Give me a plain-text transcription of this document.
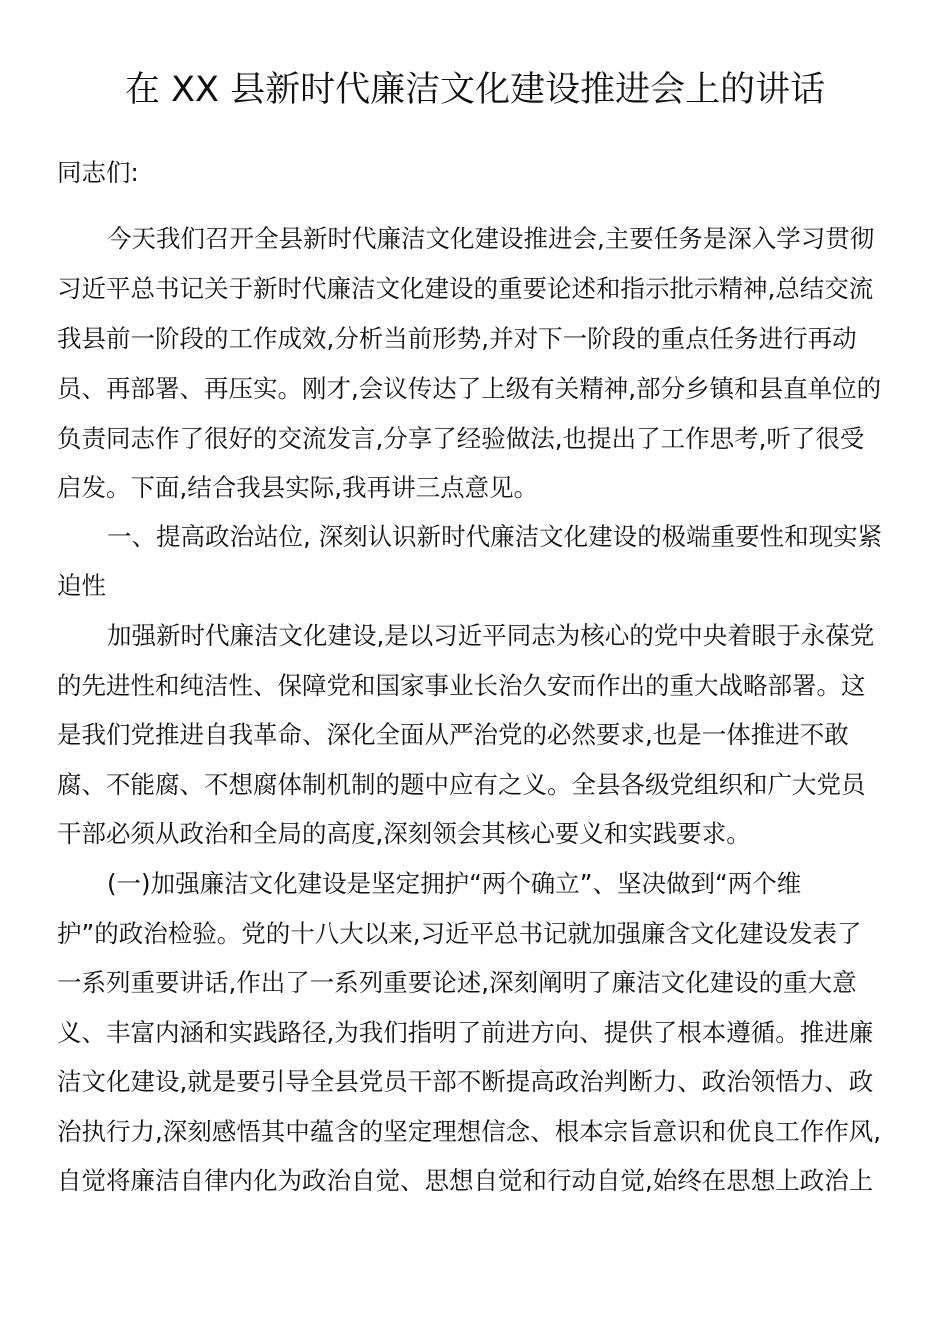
在 XX 县新时代廉洁文化建设推进会上的讲话
同志们:
今天我们召开全县新时代廉洁文化建设推进会,主要任务是深入学习贯彻
习近平总书记关于新时代廉洁文化建设的重要论述和指示批示精神,总结交流
我县前一阶段的工作成效,分析当前形势,并对下一阶段的重点任务进行再动
员、再部署、再压实。刚才,会议传达了上级有关精神,部分乡镇和县直单位的
负责同志作了很好的交流发言,分享了经验做法,也提出了工作思考,听了很受
启发。下面,结合我县实际,我再讲三点意见。
一、提高政治站位, 深刻认识新时代廉洁文化建设的极端重要性和现实紧
迫性
加强新时代廉洁文化建设,是以习近平同志为核心的党中央着眼于永葆党
的先进性和纯洁性、保障党和国家事业长治久安而作出的重大战略部署。这
是我们党推进自我革命、深化全面从严治党的必然要求,也是一体推进不敢
腐、不能腐、不想腐体制机制的题中应有之义。全县各级党组织和广大党员
干部必须从政治和全局的高度,深刻领会其核心要义和实践要求。
(一)加强廉洁文化建设是坚定拥护“两个确立”、坚决做到“两个维
护”的政治检验。党的十八大以来,习近平总书记就加强廉含文化建设发表了
一系列重要讲话,作出了一系列重要论述,深刻阐明了廉洁文化建设的重大意
义、丰富内涵和实践路径,为我们指明了前进方向、提供了根本遵循。推进廉
洁文化建设,就是要引导全县党员干部不断提高政治判断力、政治领悟力、政
治执行力,深刻感悟其中蕴含的坚定理想信念、根本宗旨意识和优良工作作风,
自觉将廉洁自律内化为政治自觉、思想自觉和行动自觉,始终在思想上政治上
